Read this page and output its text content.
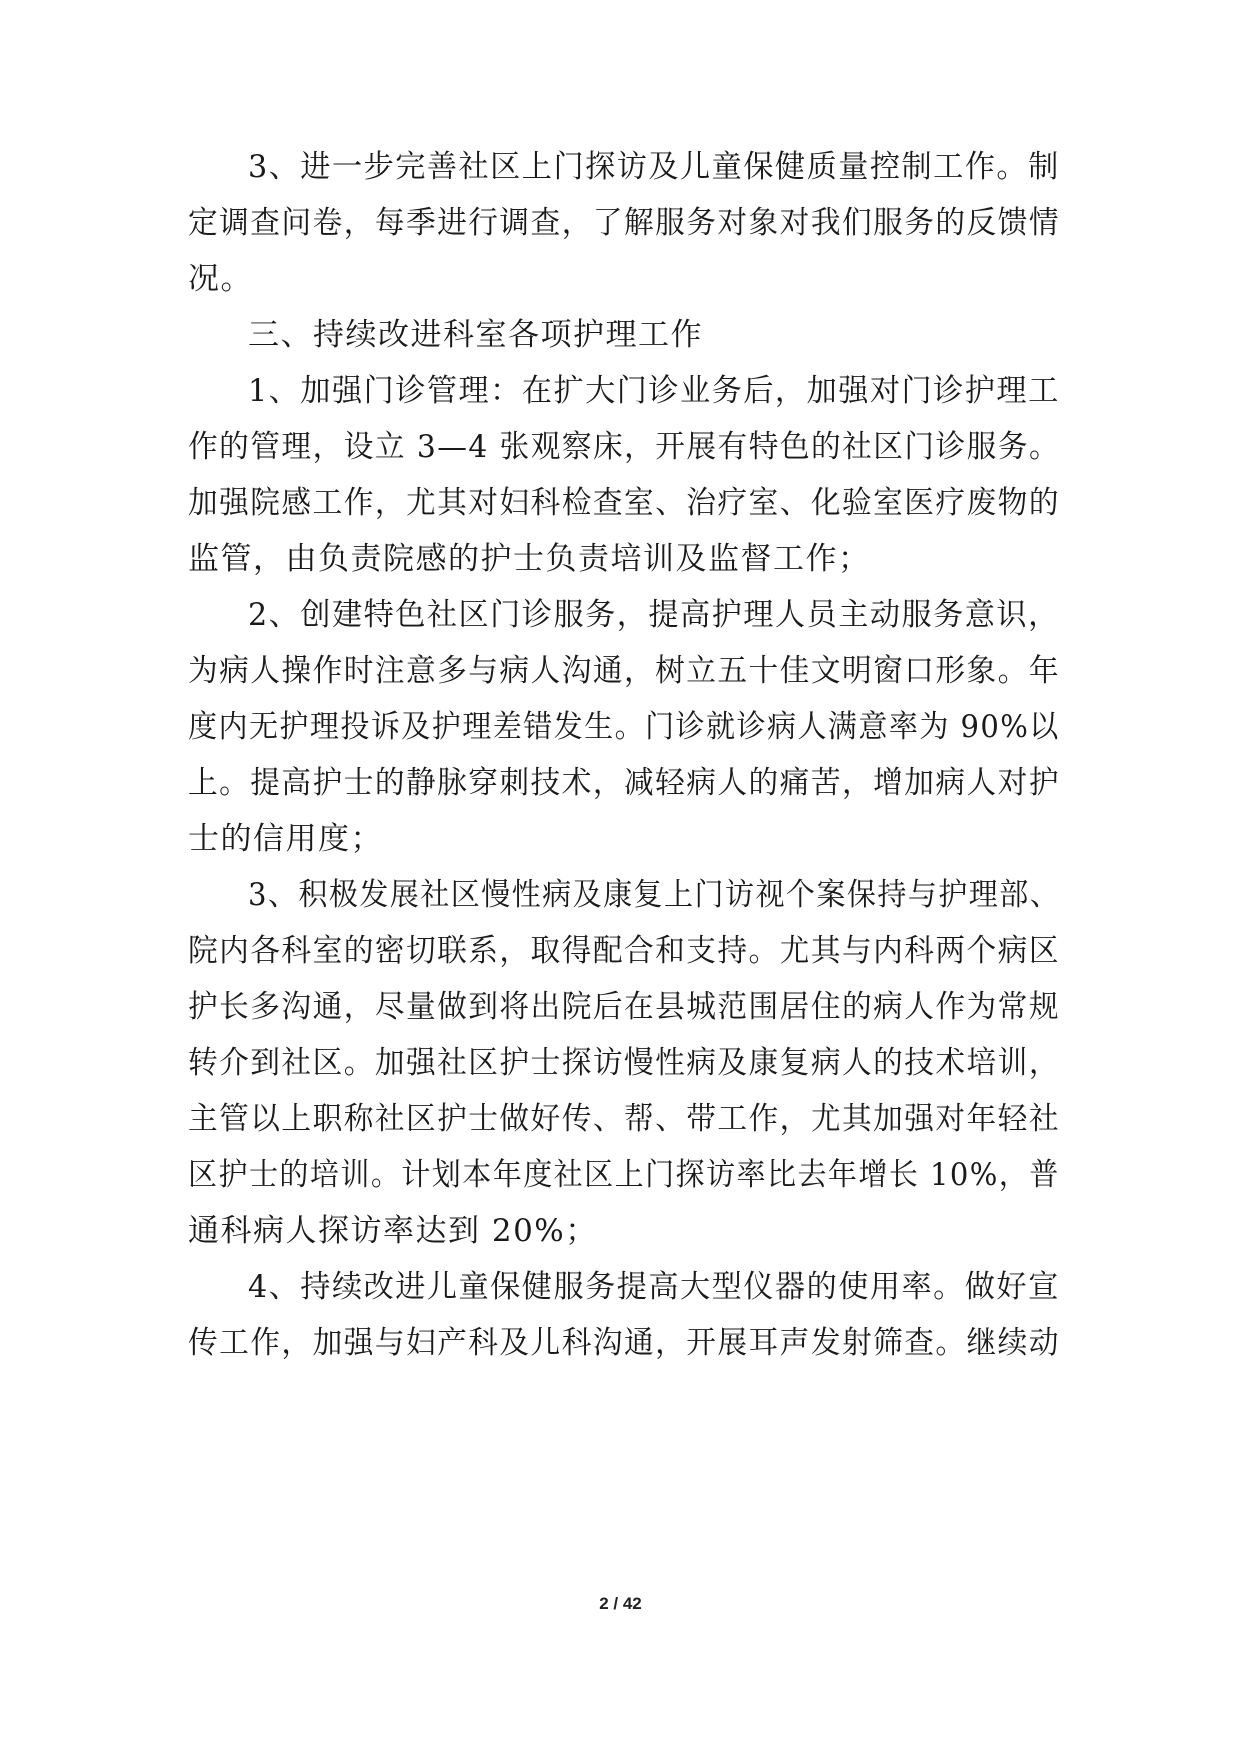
3、进一步完善社区上门探访及儿童保健质量控制工作。制
定调查问卷，每季进行调查，了解服务对象对我们服务的反馈情
况。
三、持续改进科室各项护理工作
1、加强门诊管理：在扩大门诊业务后，加强对门诊护理工
作的管理，设立 3—4 张观察床，开展有特色的社区门诊服务。
加强院感工作，尤其对妇科检查室、治疗室、化验室医疗废物的
监管，由负责院感的护士负责培训及监督工作；
2、创建特色社区门诊服务，提高护理人员主动服务意识，
为病人操作时注意多与病人沟通，树立五十佳文明窗口形象。年
度内无护理投诉及护理差错发生。门诊就诊病人满意率为 90%以
上。提高护士的静脉穿刺技术，减轻病人的痛苦，增加病人对护
士的信用度；
3、积极发展社区慢性病及康复上门访视个案保持与护理部、
院内各科室的密切联系，取得配合和支持。尤其与内科两个病区
护长多沟通，尽量做到将出院后在县城范围居住的病人作为常规
转介到社区。加强社区护士探访慢性病及康复病人的技术培训，
主管以上职称社区护士做好传、帮、带工作，尤其加强对年轻社
区护士的培训。计划本年度社区上门探访率比去年增长 10%，普
通科病人探访率达到 20%；
4、持续改进儿童保健服务提高大型仪器的使用率。做好宣
传工作，加强与妇产科及儿科沟通，开展耳声发射筛查。继续动
2 / 42
